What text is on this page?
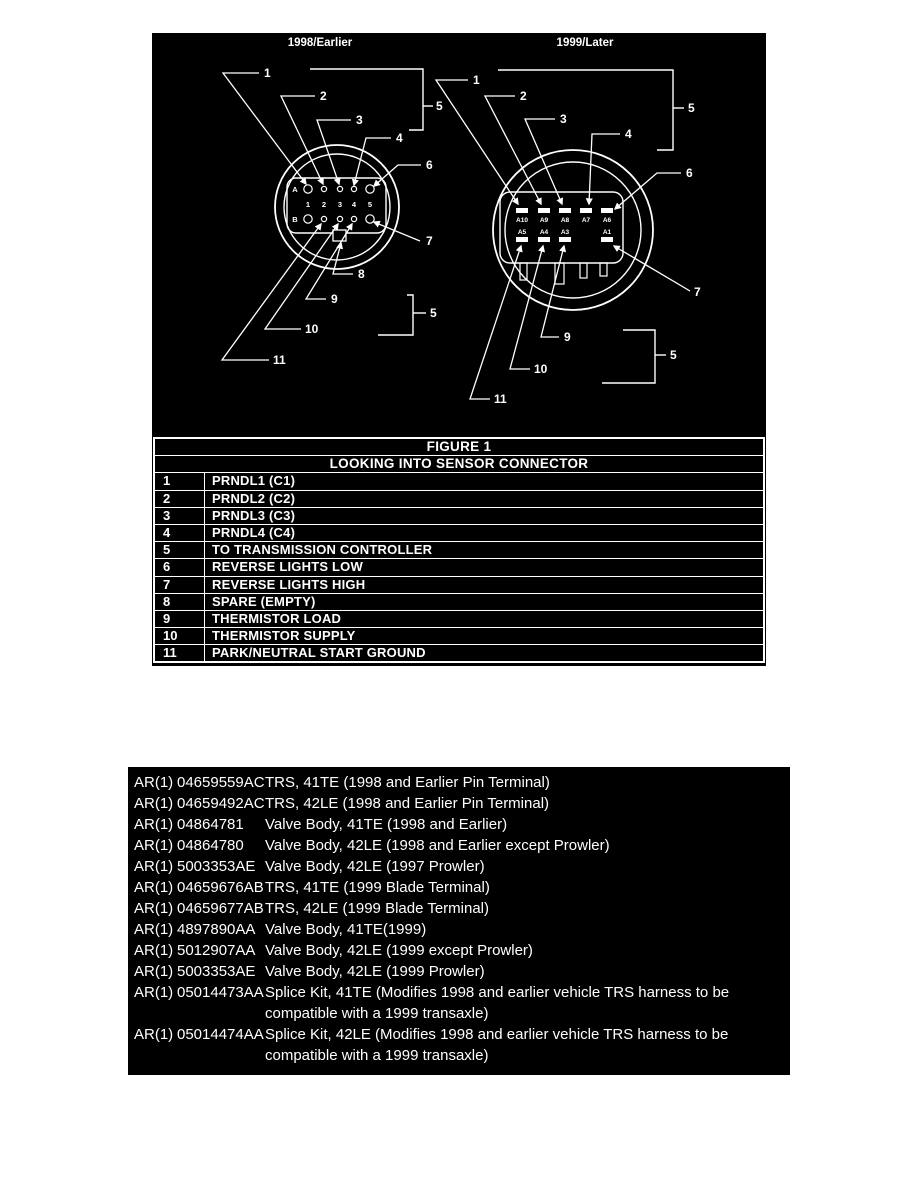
1998/Earlier
A
B
1 2 3 4 5
1
2
3
4
5
6
7
8
9
10
11
5
1999/Later
A10 A9 A8 A7 A6
A5 A4 A3	A1
1
2
3
4
5
6
7
9
10
11
5
FIGURE 1
LOOKING INTO SENSOR CONNECTOR
1	PRNDL1 (C1)
2	PRNDL2 (C2)
3	PRNDL3 (C3)
4	PRNDL4 (C4)
5	TO TRANSMISSION CONTROLLER
6	REVERSE LIGHTS LOW
7	REVERSE LIGHTS HIGH
8	SPARE (EMPTY)
9	THERMISTOR LOAD
10	THERMISTOR SUPPLY
11	PARK/NEUTRAL START GROUND
AR(1) 04659559AC TRS, 41TE (1998 and Earlier Pin Terminal)
AR(1) 04659492AC TRS, 42LE (1998 and Earlier Pin Terminal)
AR(1) 04864781	Valve Body, 41TE (1998 and Earlier)
AR(1) 04864780	Valve Body, 42LE (1998 and Earlier except Prowler)
AR(1) 5003353AE Valve Body, 42LE (1997 Prowler)
AR(1) 04659676AB TRS, 41TE (1999 Blade Terminal)
AR(1) 04659677AB TRS, 42LE (1999 Blade Terminal)
AR(1) 4897890AA Valve Body, 41TE(1999)
AR(1) 5012907AA Valve Body, 42LE (1999 except Prowler)
AR(1) 5003353AE Valve Body, 42LE (1999 Prowler)
AR(1) 05014473AA Splice Kit, 41TE (Modifies 1998 and earlier vehicle TRS harness to be compatible with a 1999 transaxle)
AR(1) 05014474AA Splice Kit, 42LE (Modifies 1998 and earlier vehicle TRS harness to be compatible with a 1999 transaxle)
